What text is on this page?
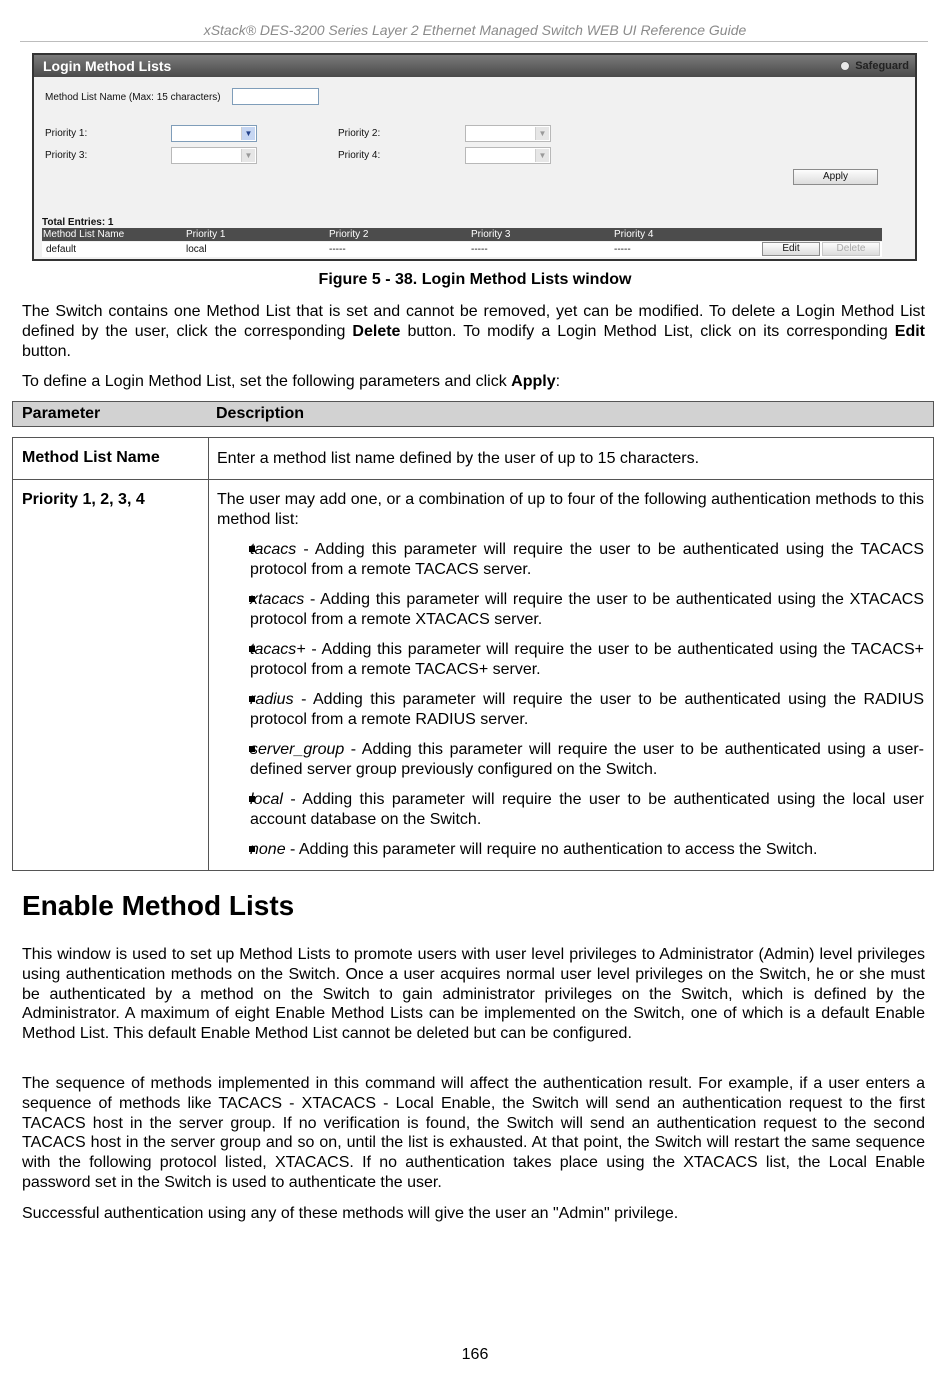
xStack® DES-3200 Series Layer 2 Ethernet Managed Switch WEB UI Reference Guide
Login Method Lists	Safeguard
Method List Name (Max: 15 characters)
Priority 1:	▼	Priority 2:	▼
Priority 3:	▼	Priority 4:	▼
Apply
Total Entries: 1
Method List Name	Priority 1	Priority 2	Priority 3	Priority 4
default	local	-----	-----	-----	Edit	Delete
Figure 5 - 38. Login Method Lists window

The Switch contains one Method List that is set and cannot be removed, yet can be modified. To delete a Login Method List defined by the user, click the corresponding Delete button. To modify a Login Method List, click on its corresponding Edit button.

To define a Login Method List, set the following parameters and click Apply:

Parameter	Description
Method List Name	Enter a method list name defined by the user of up to 15 characters.
Priority 1, 2, 3, 4	The user may add one, or a combination of up to four of the following authentication methods to this method list:
tacacs - Adding this parameter will require the user to be authenticated using the TACACS protocol from a remote TACACS server.
xtacacs - Adding this parameter will require the user to be authenticated using the XTACACS protocol from a remote XTACACS server.
tacacs+ - Adding this parameter will require the user to be authenticated using the TACACS+ protocol from a remote TACACS+ server.
radius - Adding this parameter will require the user to be authenticated using the RADIUS protocol from a remote RADIUS server.
server_group - Adding this parameter will require the user to be authenticated using a user-defined server group previously configured on the Switch.
local - Adding this parameter will require the user to be authenticated using the local user account database on the Switch.
none - Adding this parameter will require no authentication to access the Switch.
Enable Method Lists

This window is used to set up Method Lists to promote users with user level privileges to Administrator (Admin) level privileges using authentication methods on the Switch. Once a user acquires normal user level privileges on the Switch, he or she must be authenticated by a method on the Switch to gain administrator privileges on the Switch, which is defined by the Administrator. A maximum of eight Enable Method Lists can be implemented on the Switch, one of which is a default Enable Method List. This default Enable Method List cannot be deleted but can be configured.

The sequence of methods implemented in this command will affect the authentication result. For example, if a user enters a sequence of methods like TACACS - XTACACS - Local Enable, the Switch will send an authentication request to the first TACACS host in the server group. If no verification is found, the Switch will send an authentication request to the second TACACS host in the server group and so on, until the list is exhausted. At that point, the Switch will restart the same sequence with the following protocol listed, XTACACS. If no authentication takes place using the XTACACS list, the Local Enable password set in the Switch is used to authenticate the user.

Successful authentication using any of these methods will give the user an "Admin" privilege.

166
